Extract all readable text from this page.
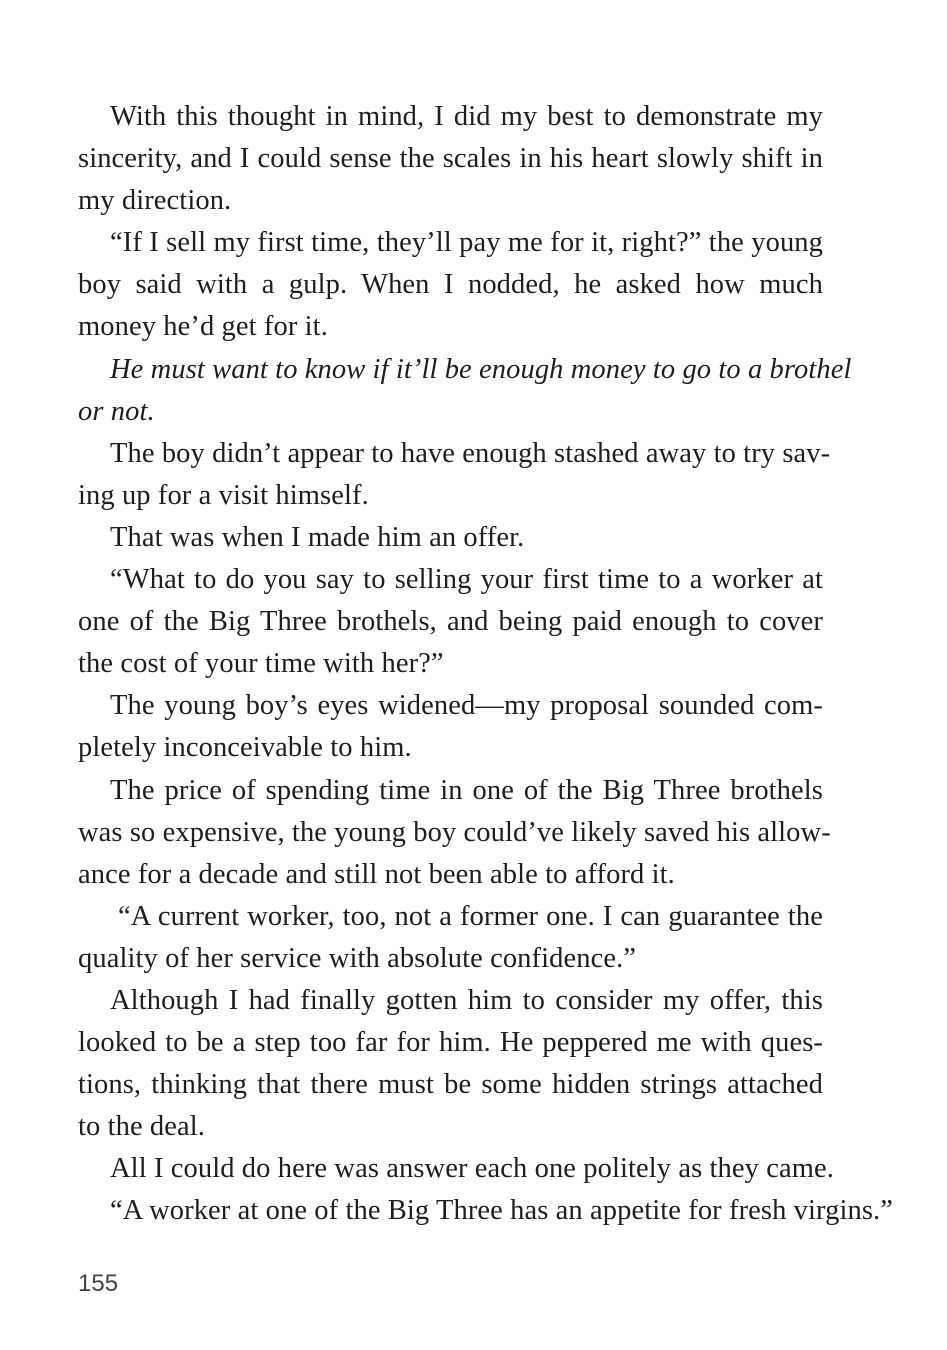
With this thought in mind, I did my best to demonstrate my
sincerity, and I could sense the scales in his heart slowly shift in
my direction.
“If I sell my first time, they’ll pay me for it, right?” the young
boy said with a gulp. When I nodded, he asked how much
money he’d get for it.
He must want to know if it’ll be enough money to go to a brothel
or not.
The boy didn’t appear to have enough stashed away to try sav-
ing up for a visit himself.
That was when I made him an offer.
“What to do you say to selling your first time to a worker at
one of the Big Three brothels, and being paid enough to cover
the cost of your time with her?”
The young boy’s eyes widened—my proposal sounded com-
pletely inconceivable to him.
The price of spending time in one of the Big Three brothels
was so expensive, the young boy could’ve likely saved his allow-
ance for a decade and still not been able to afford it.
“A current worker, too, not a former one. I can guarantee the
quality of her service with absolute confidence.”
Although I had finally gotten him to consider my offer, this
looked to be a step too far for him. He peppered me with ques-
tions, thinking that there must be some hidden strings attached
to the deal.
All I could do here was answer each one politely as they came.
“A worker at one of the Big Three has an appetite for fresh virgins.”
155
